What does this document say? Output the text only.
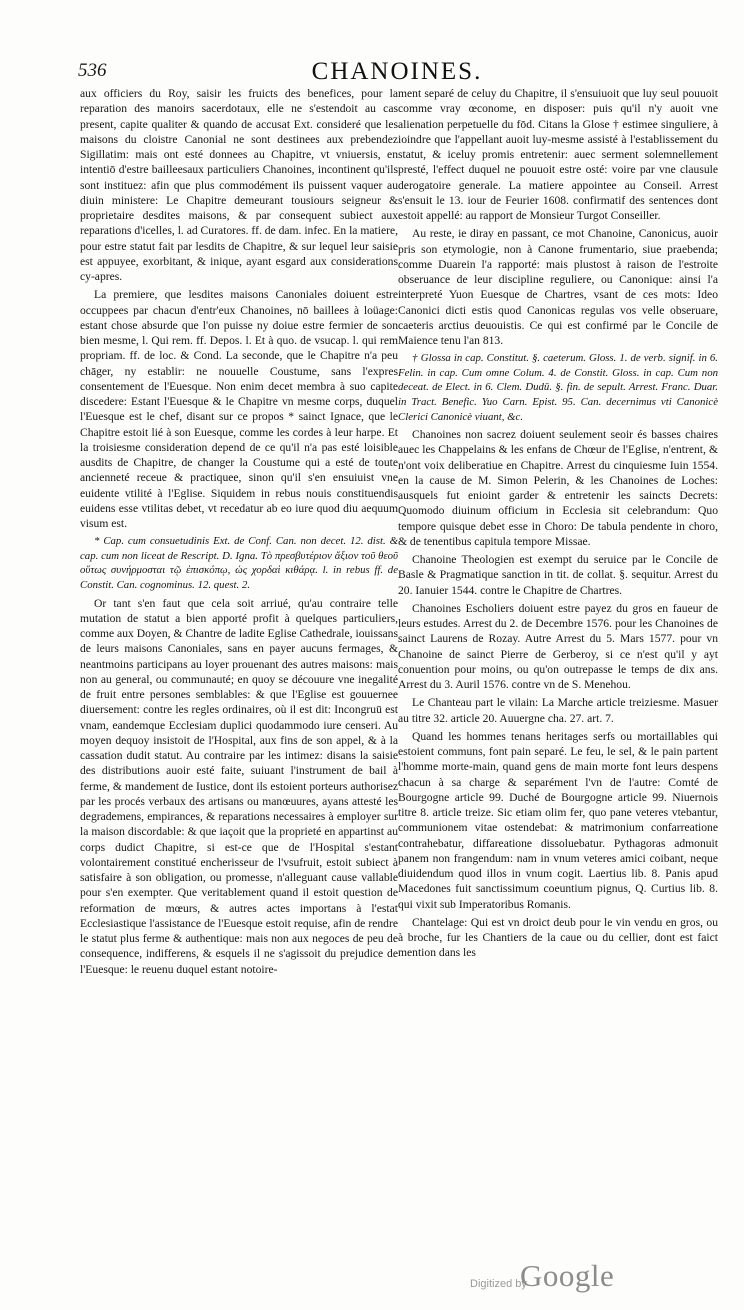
536	CHANOINES.

aux officiers du Roy, saisir les fruicts des benefices, pour la reparation des manoirs sacerdotaux, elle ne s'estendoit au cas present, capite qualiter & quando de accusat Ext. consideré que les maisons du cloistre Canonial ne sont destinees aux prebendez Sigillatim: mais ont esté donnees au Chapitre, vt vniuersis, en intentiō d'estre bailleesaux particuliers Chanoines, incontinent qu'ils sont instituez: afin que plus commodément ils puissent vaquer au diuin ministere: Le Chapitre demeurant tousiours seigneur & proprietaire desdites maisons, & par consequent subiect aux reparations d'icelles, l. ad Curatores. ff. de dam. infec. En la matiere, pour estre statut fait par lesdits de Chapitre, & sur lequel leur saisie est appuyee, exorbitant, & inique, ayant esgard aux considerations cy-apres.

La premiere, que lesdites maisons Canoniales doiuent estre occuppees par chacun d'entr'eux Chanoines, nō baillees à loüage: estant chose absurde que l'on puisse ny doiue estre fermier de son bien mesme, l. Qui rem. ff. Depos. l. Et à quo. de vsucap. l. qui rem propriam. ff. de loc. & Cond. La seconde, que le Chapitre n'a peu chāger, ny establir: ne nouuelle Coustume, sans l'expres consentement de l'Euesque. Non enim decet membra à suo capite discedere: Estant l'Euesque & le Chapitre vn mesme corps, duquel l'Euesque est le chef, disant sur ce propos * sainct Ignace, que le Chapitre estoit lié à son Euesque, comme les cordes à leur harpe. Et la troisiesme consideration depend de ce qu'il n'a pas esté loisible ausdits de Chapitre, de changer la Coustume qui a esté de toute ancienneté receue & practiquee, sinon qu'il s'en ensuiuist vne euidente vtilité à l'Eglise. Siquidem in rebus nouis constituendis euidens esse vtilitas debet, vt recedatur ab eo iure quod diu aequum visum est.

* Cap. cum consuetudinis Ext. de Conf. Can. non decet. 12. dist. & cap. cum non liceat de Rescript. D. Igna. Τὸ πρεσβυτέριον ἄξιον τοῦ θεοῦ οὕτως συνήρμοσται τῷ ἐπισκόπῳ, ὡς χορδαὶ κιθάρᾳ. l. in rebus ff. de Constit. Can. cognominus. 12. quest. 2.

Or tant s'en faut que cela soit arriué, qu'au contraire telle mutation de statut a bien apporté profit à quelques particuliers, comme aux Doyen, & Chantre de ladite Eglise Cathedrale, iouissans de leurs maisons Canoniales, sans en payer aucuns fermages, & neantmoins participans au loyer prouenant des autres maisons: mais non au general, ou communauté; en quoy se découure vne inegalité de fruit entre persones semblables: & que l'Eglise est gouuernee diuersement: contre les regles ordinaires, où il est dit: Incongruū est vnam, eandemque Ecclesiam duplici quodammodo iure censeri. Au moyen dequoy insistoit de l'Hospital, aux fins de son appel, & à la cassation dudit statut. Au contraire par les intimez: disans la saisie des distributions auoir esté faite, suiuant l'instrument de bail à ferme, & mandement de Iustice, dont ils estoient porteurs authorisez par les procés verbaux des artisans ou manœuures, ayans attesté les degrademens, empirances, & reparations necessaires à employer sur la maison discordable: & que iaçoit que la proprieté en appartinst au corps dudict Chapitre, si est-ce que de l'Hospital s'estant volontairement constitué encherisseur de l'vsufruit, estoit subiect à satisfaire à son obligation, ou promesse, n'alleguant cause vallable pour s'en exempter. Que veritablement quand il estoit question de reformation de mœurs, & autres actes importans à l'estat Ecclesiastique l'assistance de l'Euesque estoit requise, afin de rendre le statut plus ferme & authentique: mais non aux negoces de peu de consequence, indifferens, & esquels il ne s'agissoit du prejudice de l'Euesque: le reuenu duquel estant notoire-

ment separé de celuy du Chapitre, il s'ensuiuoit que luy seul pouuoit comme vray œconome, en disposer: puis qu'il n'y auoit vne alienation perpetuelle du fōd. Citans la Glose † estimee singuliere, à ioindre que l'appellant auoit luy-mesme assisté à l'establissement du statut, & iceluy promis entretenir: auec serment solemnellement presté, l'effect duquel ne pouuoit estre osté: voire par vne clausule derogatoire generale. La matiere appointee au Conseil. Arrest s'ensuit le 13. iour de Feurier 1608. confirmatif des sentences dont estoit appellé: au rapport de Monsieur Turgot Conseiller.

Au reste, ie diray en passant, ce mot Chanoine, Canonicus, auoir pris son etymologie, non à Canone frumentario, siue praebenda; comme Duarein l'a rapporté: mais plustost à raison de l'estroite obseruance de leur discipline reguliere, ou Canonique: ainsi l'a interpreté Yuon Euesque de Chartres, vsant de ces mots: Ideo Canonici dicti estis quod Canonicas regulas vos velle obseruare, caeteris arctius deuouistis. Ce qui est confirmé par le Concile de Maience tenu l'an 813.

† Glossa in cap. Constitut. §. caeterum. Gloss. 1. de verb. signif. in 6. Felin. in cap. Cum omne Colum. 4. de Constit. Gloss. in cap. Cum non deceat. de Elect. in 6. Clem. Dudū. §. fin. de sepult. Arrest. Franc. Duar. in Tract. Benefic. Yuo Carn. Epist. 95. Can. decernimus vti Canonicè Clerici Canonicè viuant, &c.

Chanoines non sacrez doiuent seulement seoir és basses chaires auec les Chappelains & les enfans de Chœur de l'Eglise, n'entrent, & n'ont voix deliberatiue en Chapitre. Arrest du cinquiesme Iuin 1554. en la cause de M. Simon Pelerin, & les Chanoines de Loches: ausquels fut enioint garder & entretenir les saincts Decrets: Quomodo diuinum officium in Ecclesia sit celebrandum: Quo tempore quisque debet esse in Choro: De tabula pendente in choro, & de tenentibus capitula tempore Missae.

Chanoine Theologien est exempt du seruice par le Concile de Basle & Pragmatique sanction in tit. de collat. §. sequitur. Arrest du 20. Ianuier 1544. contre le Chapitre de Chartres.

Chanoines Escholiers doiuent estre payez du gros en faueur de leurs estudes. Arrest du 2. de Decembre 1576. pour les Chanoines de sainct Laurens de Rozay. Autre Arrest du 5. Mars 1577. pour vn Chanoine de sainct Pierre de Gerberoy, si ce n'est qu'il y ayt conuention pour moins, ou qu'on outrepasse le temps de dix ans. Arrest du 3. Auril 1576. contre vn de S. Menehou.

Le Chanteau part le vilain: La Marche article treiziesme. Masuer au titre 32. article 20. Auuergne cha. 27. art. 7.

Quand les hommes tenans heritages serfs ou mortaillables qui estoient communs, font pain separé. Le feu, le sel, & le pain partent l'homme morte-main, quand gens de main morte font leurs despens chacun à sa charge & separément l'vn de l'autre: Comté de Bourgogne article 99. Duché de Bourgogne article 99. Niuernois titre 8. article treize. Sic etiam olim fer, quo pane veteres vtebantur, communionem vitae ostendebat: & matrimonium confarreatione contrahebatur, diffareatione dissoluebatur. Pythagoras admonuit panem non frangendum: nam in vnum veteres amici coibant, neque diuidendum quod illos in vnum cogit. Laertius lib. 8. Panis apud Macedones fuit sanctissimum coeuntium pignus, Q. Curtius lib. 8. qui vixit sub Imperatoribus Romanis.

Chantelage: Qui est vn droict deub pour le vin vendu en gros, ou à broche, fur les Chantiers de la caue ou du cellier, dont est faict mention dans les

Digitized by
Google
